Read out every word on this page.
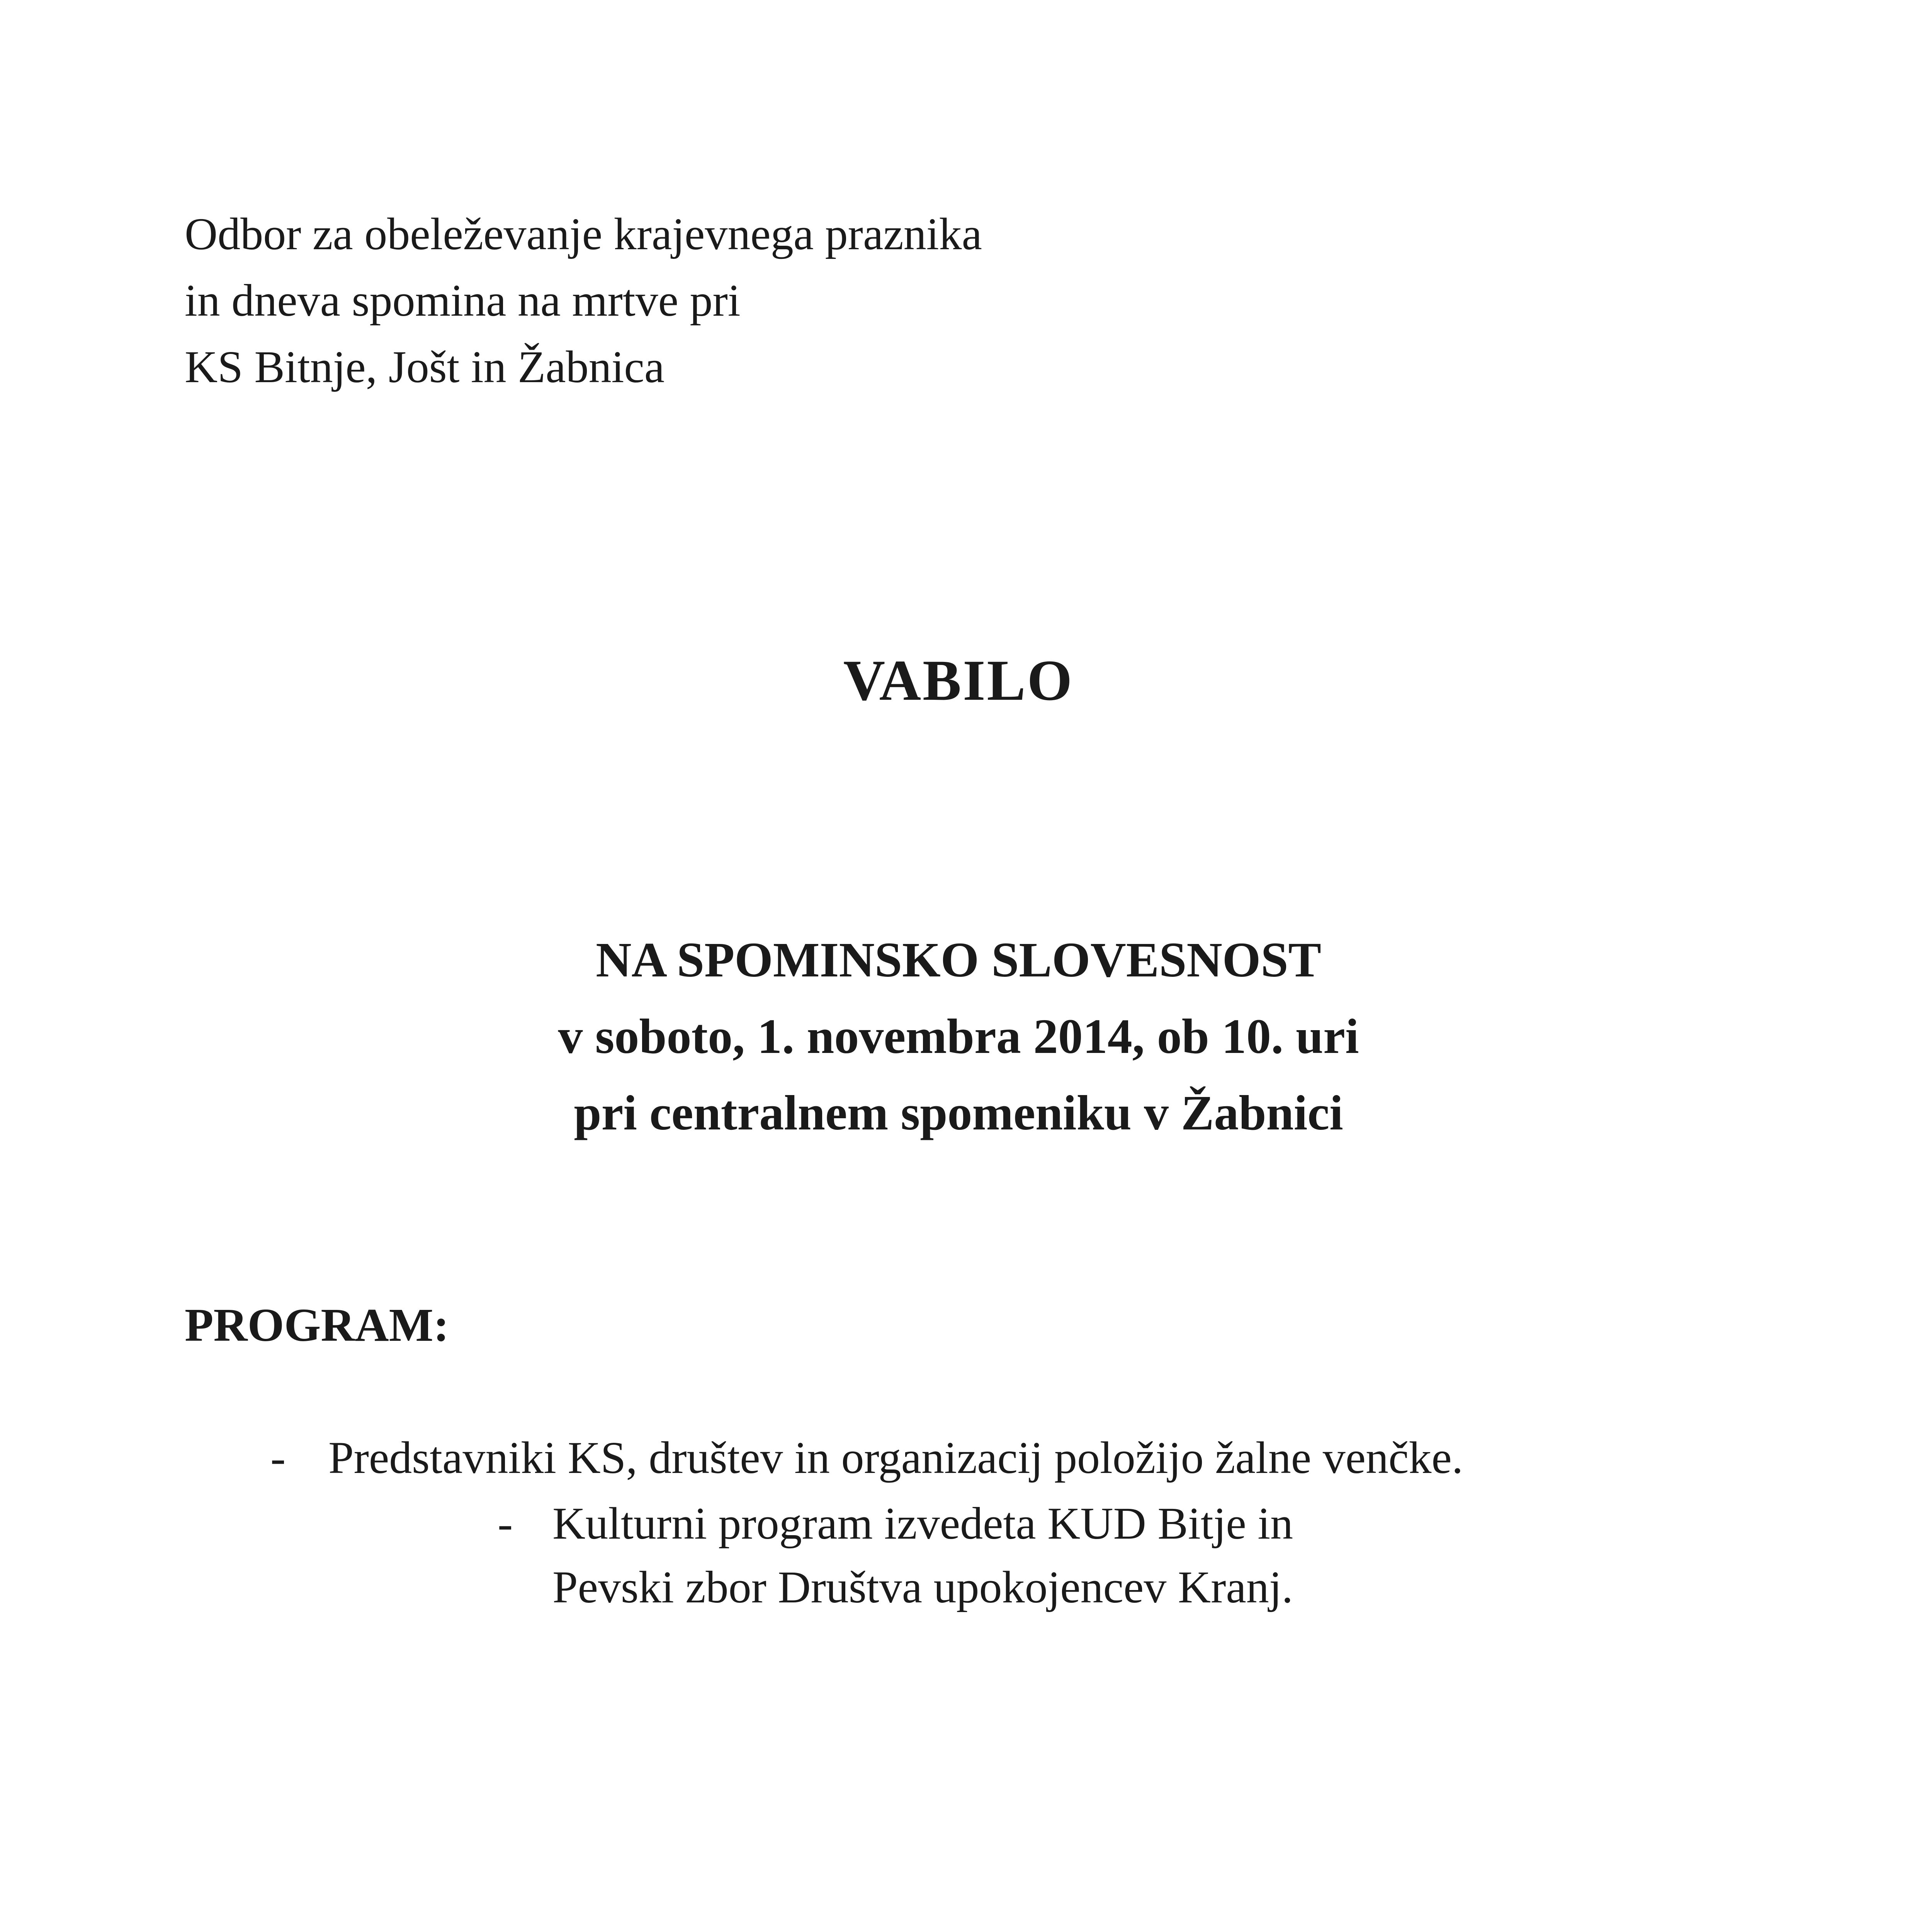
Odbor za obeleževanje krajevnega praznika
in dneva spomina na mrtve pri
KS Bitnje, Jošt in Žabnica
VABILO
NA SPOMINSKO SLOVESNOST
v soboto, 1. novembra 2014, ob 10. uri
pri centralnem spomeniku v Žabnici
PROGRAM:
- Predstavniki KS, društev in organizacij položijo žalne venčke.
- Kulturni program izvedeta KUD Bitje in
Pevski zbor Društva upokojencev Kranj.
